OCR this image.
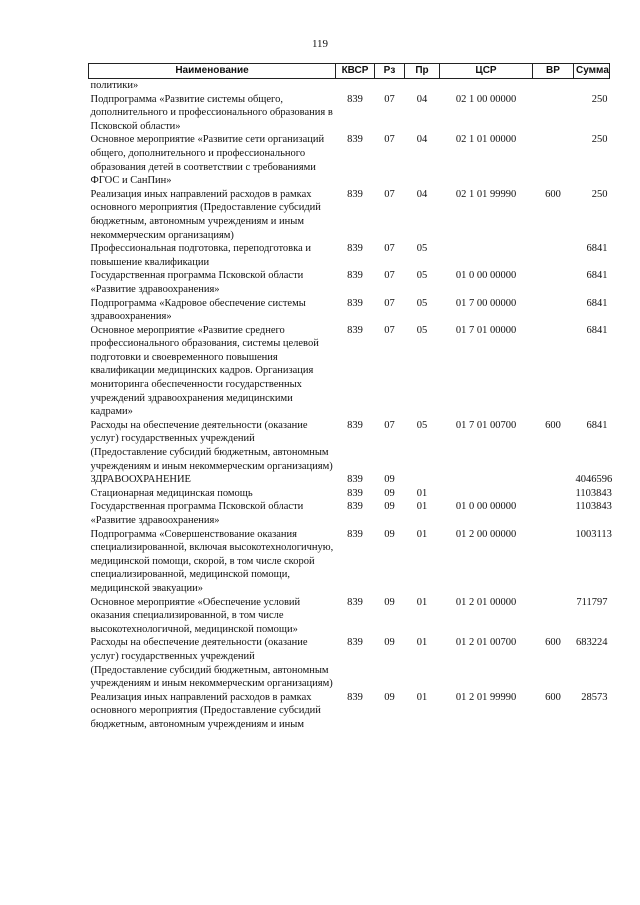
119
Наименование	КВСР	Рз	Пр	ЦСР	ВР	Сумма
политики»						
Подпрограмма «Развитие системы общего, дополнительного и профессионального образования в Псковской области»	839	07	04	02 1 00 00000		250
Основное мероприятие «Развитие сети организаций общего, дополнительного и профессионального образования детей в соответствии с требованиями ФГОС и СанПин»	839	07	04	02 1 01 00000		250
Реализация иных направлений расходов в рамках основного мероприятия (Предоставление субсидий бюджетным, автономным учреждениям и иным некоммерческим организациям)	839	07	04	02 1 01 99990	600	250
Профессиональная подготовка, переподготовка и повышение квалификации	839	07	05			6841
Государственная программа Псковской области «Развитие здравоохранения»	839	07	05	01 0 00 00000		6841
Подпрограмма «Кадровое обеспечение системы здравоохранения»	839	07	05	01 7 00 00000		6841
Основное мероприятие «Развитие среднего профессионального образования, системы целевой подготовки и своевременного повышения квалификации медицинских кадров. Организация мониторинга обеспеченности государственных учреждений здравоохранения медицинскими кадрами»	839	07	05	01 7 01 00000		6841
Расходы на обеспечение деятельности (оказание услуг) государственных учреждений (Предоставление субсидий бюджетным, автономным учреждениям и иным некоммерческим организациям)	839	07	05	01 7 01 00700	600	6841
ЗДРАВООХРАНЕНИЕ	839	09				4046596
Стационарная медицинская помощь	839	09	01			1103843
Государственная программа Псковской области «Развитие здравоохранения»	839	09	01	01 0 00 00000		1103843
Подпрограмма «Совершенствование оказания специализированной, включая высокотехнологичную, медицинской помощи, скорой, в том числе скорой специализированной, медицинской помощи, медицинской эвакуации»	839	09	01	01 2 00 00000		1003113
Основное мероприятие «Обеспечение условий оказания специализированной, в том числе высокотехнологичной, медицинской помощи»	839	09	01	01 2 01 00000		711797
Расходы на обеспечение деятельности (оказание услуг) государственных учреждений (Предоставление субсидий бюджетным, автономным учреждениям и иным некоммерческим организациям)	839	09	01	01 2 01 00700	600	683224
Реализация иных направлений расходов в рамках основного мероприятия (Предоставление субсидий бюджетным, автономным учреждениям и иным	839	09	01	01 2 01 99990	600	28573
